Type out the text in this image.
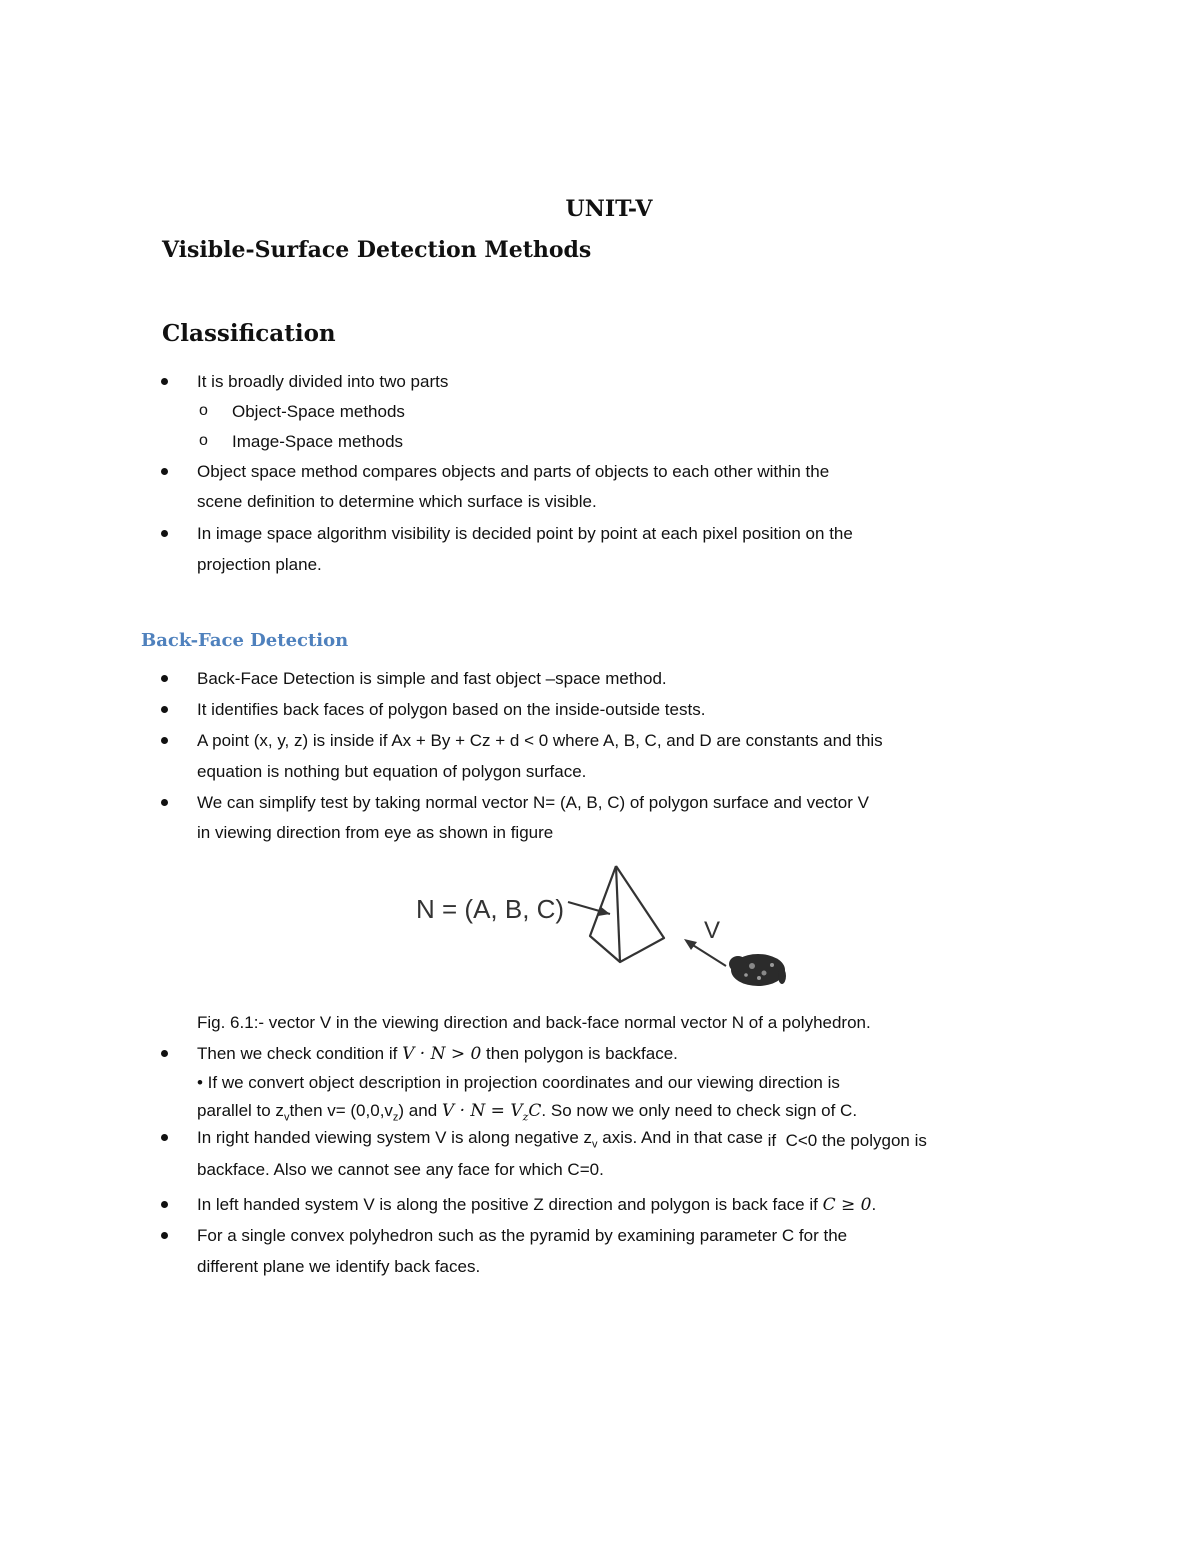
UNIT-V
Visible-Surface Detection Methods
Classification
It is broadly divided into two parts
o Object-Space methods
o Image-Space methods
Object space method compares objects and parts of objects to each other within the
scene definition to determine which surface is visible.
In image space algorithm visibility is decided point by point at each pixel position on the
projection plane.
Back-Face Detection
Back-Face Detection is simple and fast object –space method.
It identifies back faces of polygon based on the inside-outside tests.
A point (x, y, z) is inside if Ax + By + Cz + d < 0 where A, B, C, and D are constants and this
equation is nothing but equation of polygon surface.
We can simplify test by taking normal vector N= (A, B, C) of polygon surface and vector V
in viewing direction from eye as shown in figure
N = (A, B, C)
V
Fig. 6.1:- vector V in the viewing direction and back-face normal vector N of a polyhedron.
Then we check condition if V · N > 0 then polygon is backface.
• If we convert object description in projection coordinates and our viewing direction is
parallel to $z_vthen$ $v= (0,0,v_z)$ and $V \cdot N = V_zC$. So now we only need to check sign of C.
In right handed viewing system V is along negative $z_v$ axis. And in that case if C<0 the polygon is
backface. Also we cannot see any face for which C=0.
In left handed system V is along the positive Z direction and polygon is back face if C ≥ 0.
For a single convex polyhedron such as the pyramid by examining parameter C for the
different plane we identify back faces.
